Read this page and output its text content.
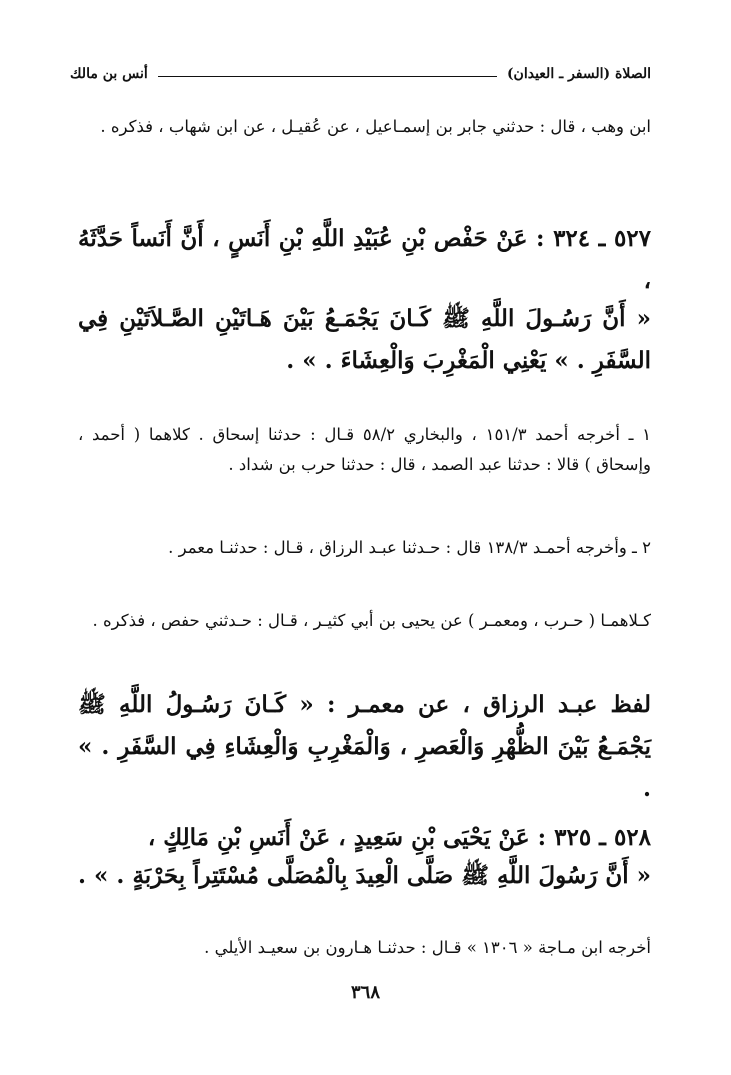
الصلاة (السفر ـ العيدان)
أنس بن مالك

ابن وهب ، قال : حدثني جابر بن إسمـاعيل ، عن عُقيـل ، عن ابن شهاب ، فذكره .

٥٢٧ ـ ٣٢٤ : عَنْ حَفْص بْنِ عُبَيْدِ اللَّهِ بْنِ أَنَسٍ ، أَنَّ أَنَساً حَدَّثَهُ ،

« أَنَّ رَسُـولَ اللَّهِ ﷺ كَـانَ يَجْمَـعُ بَيْنَ هَـاتَيْنِ الصَّـلاَتَيْنِ فِي السَّفَرِ . » يَعْنِي الْمَغْرِبَ وَالْعِشَاءَ . » .

١ ـ أخرجه أحمد ١٥١/٣ ، والبخاري ٥٨/٢ قـال : حدثنا إسحاق . كلاهما ( أحمد ، وإسحاق ) قالا : حدثنا عبد الصمد ، قال : حدثنا حرب بن شداد .

٢ ـ وأخرجه أحمـد ١٣٨/٣ قال : حـدثنا عبـد الرزاق ، قـال : حدثنـا معمر .

كـلاهمـا ( حـرب ، ومعمـر ) عن يحيى بن أبي كثيـر ، قـال : حـدثني حفص ، فذكره .

لفظ عبـد الرزاق ، عن معمـر : « كَـانَ رَسُـولُ اللَّهِ ﷺ يَجْمَـعُ بَيْنَ الظُّهْرِ وَالْعَصرِ ، وَالْمَغْرِبِ وَالْعِشَاءِ فِي السَّفَرِ . » .

٥٢٨ ـ ٣٢٥ : عَنْ يَحْيَى بْنِ سَعِيدٍ ، عَنْ أَنَسِ بْنِ مَالِكٍ ،

« أَنَّ رَسُولَ اللَّهِ ﷺ صَلَّى الْعِيدَ بِالْمُصَلَّى مُسْتَتِراً بِحَرْبَةٍ . » .

أخرجه ابن مـاجة « ١٣٠٦ » قـال : حدثنـا هـارون بن سعيـد الأيلي .

٣٦٨
